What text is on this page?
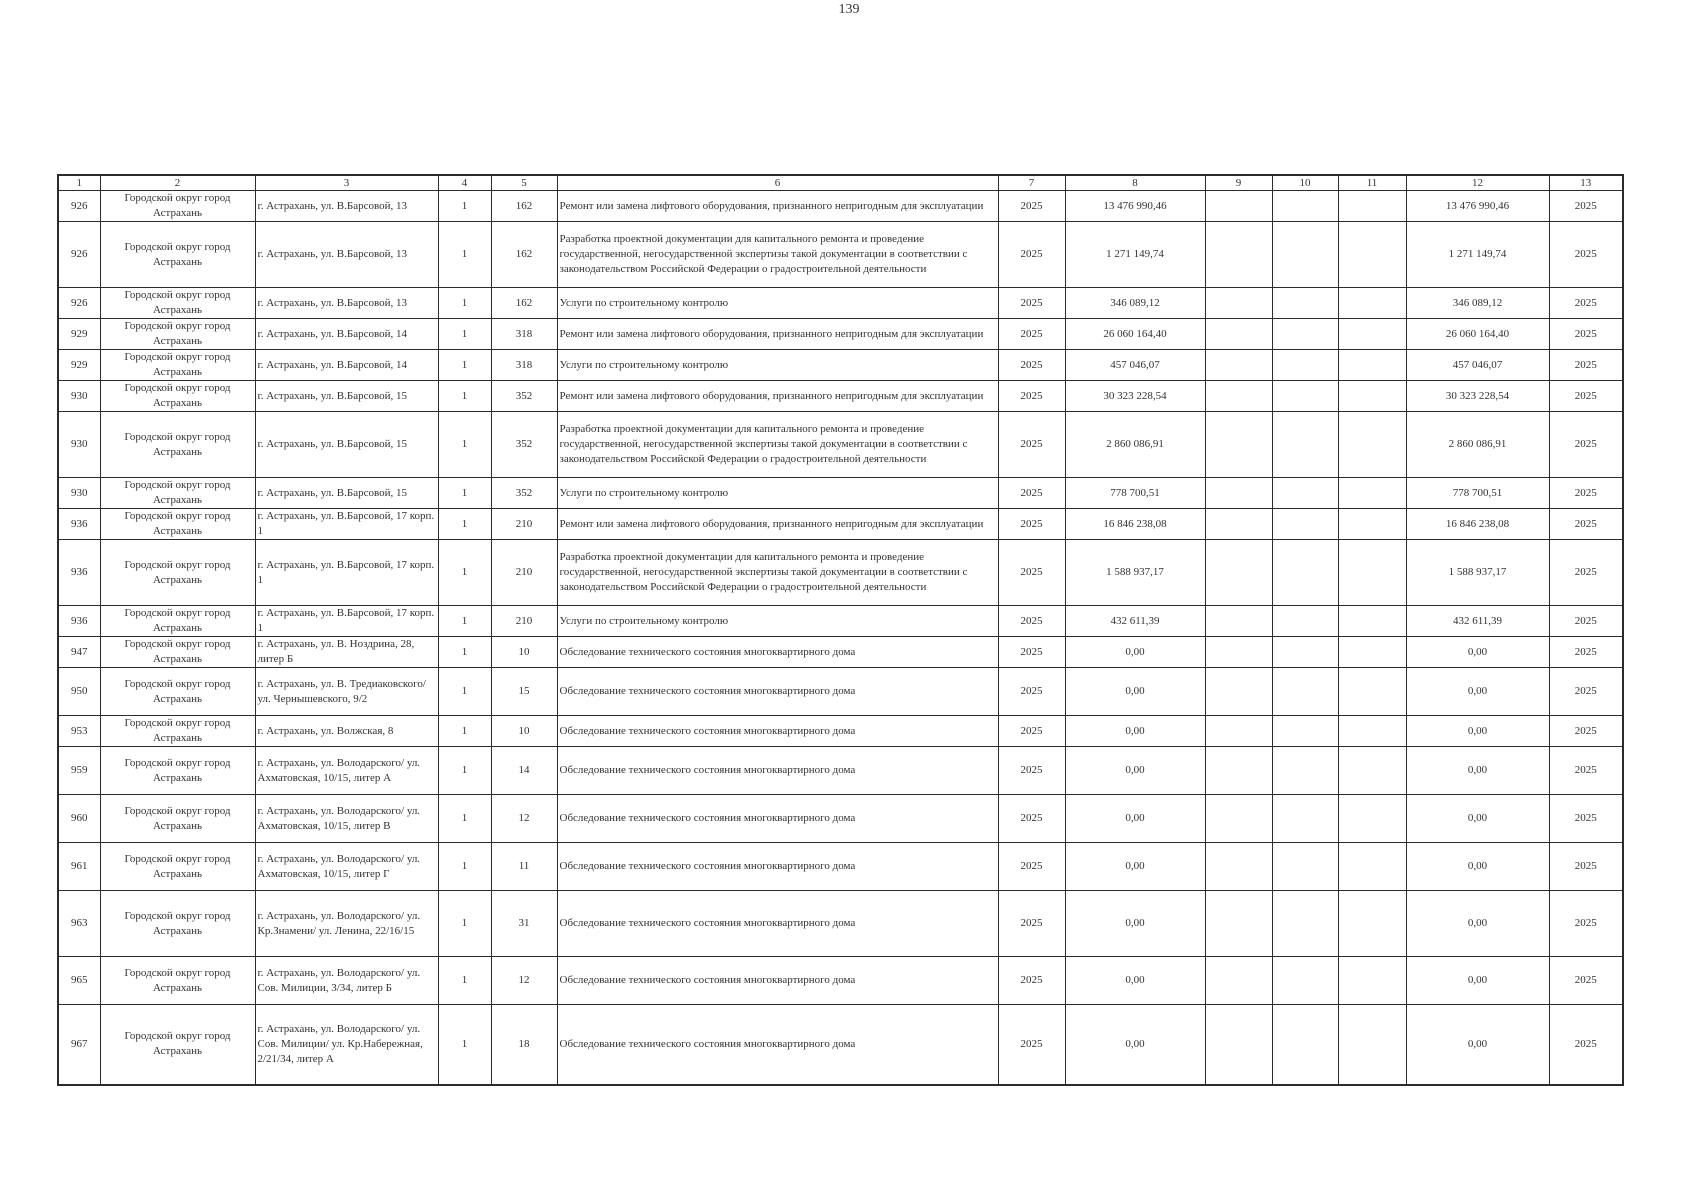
139
1	2	3	4	5	6	7	8	9	10	11	12	13
926	Городской округ город Астрахань	г. Астрахань, ул. В.Барсовой, 13	1	162	Ремонт или замена лифтового оборудования, признанного непригодным для эксплуатации	2025	13 476 990,46				13 476 990,46	2025
926	Городской округ город Астрахань	г. Астрахань, ул. В.Барсовой, 13	1	162	Разработка проектной документации для капитального ремонта и проведение государственной, негосударственной экспертизы такой документации в соответствии с законодательством Российской Федерации о градостроительной деятельности	2025	1 271 149,74				1 271 149,74	2025
926	Городской округ город Астрахань	г. Астрахань, ул. В.Барсовой, 13	1	162	Услуги по строительному контролю	2025	346 089,12				346 089,12	2025
929	Городской округ город Астрахань	г. Астрахань, ул. В.Барсовой, 14	1	318	Ремонт или замена лифтового оборудования, признанного непригодным для эксплуатации	2025	26 060 164,40				26 060 164,40	2025
929	Городской округ город Астрахань	г. Астрахань, ул. В.Барсовой, 14	1	318	Услуги по строительному контролю	2025	457 046,07				457 046,07	2025
930	Городской округ город Астрахань	г. Астрахань, ул. В.Барсовой, 15	1	352	Ремонт или замена лифтового оборудования, признанного непригодным для эксплуатации	2025	30 323 228,54				30 323 228,54	2025
930	Городской округ город Астрахань	г. Астрахань, ул. В.Барсовой, 15	1	352	Разработка проектной документации для капитального ремонта и проведение государственной, негосударственной экспертизы такой документации в соответствии с законодательством Российской Федерации о градостроительной деятельности	2025	2 860 086,91				2 860 086,91	2025
930	Городской округ город Астрахань	г. Астрахань, ул. В.Барсовой, 15	1	352	Услуги по строительному контролю	2025	778 700,51				778 700,51	2025
936	Городской округ город Астрахань	г. Астрахань, ул. В.Барсовой, 17 корп. 1	1	210	Ремонт или замена лифтового оборудования, признанного непригодным для эксплуатации	2025	16 846 238,08				16 846 238,08	2025
936	Городской округ город Астрахань	г. Астрахань, ул. В.Барсовой, 17 корп. 1	1	210	Разработка проектной документации для капитального ремонта и проведение государственной, негосударственной экспертизы такой документации в соответствии с законодательством Российской Федерации о градостроительной деятельности	2025	1 588 937,17				1 588 937,17	2025
936	Городской округ город Астрахань	г. Астрахань, ул. В.Барсовой, 17 корп. 1	1	210	Услуги по строительному контролю	2025	432 611,39				432 611,39	2025
947	Городской округ город Астрахань	г. Астрахань, ул. В. Ноздрина, 28, литер Б	1	10	Обследование технического состояния многоквартирного дома	2025	0,00				0,00	2025
950	Городской округ город Астрахань	г. Астрахань, ул. В. Тредиаковского/ ул. Чернышевского, 9/2	1	15	Обследование технического состояния многоквартирного дома	2025	0,00				0,00	2025
953	Городской округ город Астрахань	г. Астрахань, ул. Волжская, 8	1	10	Обследование технического состояния многоквартирного дома	2025	0,00				0,00	2025
959	Городской округ город Астрахань	г. Астрахань, ул. Володарского/ ул. Ахматовская, 10/15, литер А	1	14	Обследование технического состояния многоквартирного дома	2025	0,00				0,00	2025
960	Городской округ город Астрахань	г. Астрахань, ул. Володарского/ ул. Ахматовская, 10/15, литер В	1	12	Обследование технического состояния многоквартирного дома	2025	0,00				0,00	2025
961	Городской округ город Астрахань	г. Астрахань, ул. Володарского/ ул. Ахматовская, 10/15, литер Г	1	11	Обследование технического состояния многоквартирного дома	2025	0,00				0,00	2025
963	Городской округ город Астрахань	г. Астрахань, ул. Володарского/ ул. Кр.Знамени/ ул. Ленина, 22/16/15	1	31	Обследование технического состояния многоквартирного дома	2025	0,00				0,00	2025
965	Городской округ город Астрахань	г. Астрахань, ул. Володарского/ ул. Сов. Милиции, 3/34, литер Б	1	12	Обследование технического состояния многоквартирного дома	2025	0,00				0,00	2025
967	Городской округ город Астрахань	г. Астрахань, ул. Володарского/ ул. Сов. Милиции/ ул. Кр.Набережная, 2/21/34, литер А	1	18	Обследование технического состояния многоквартирного дома	2025	0,00				0,00	2025
